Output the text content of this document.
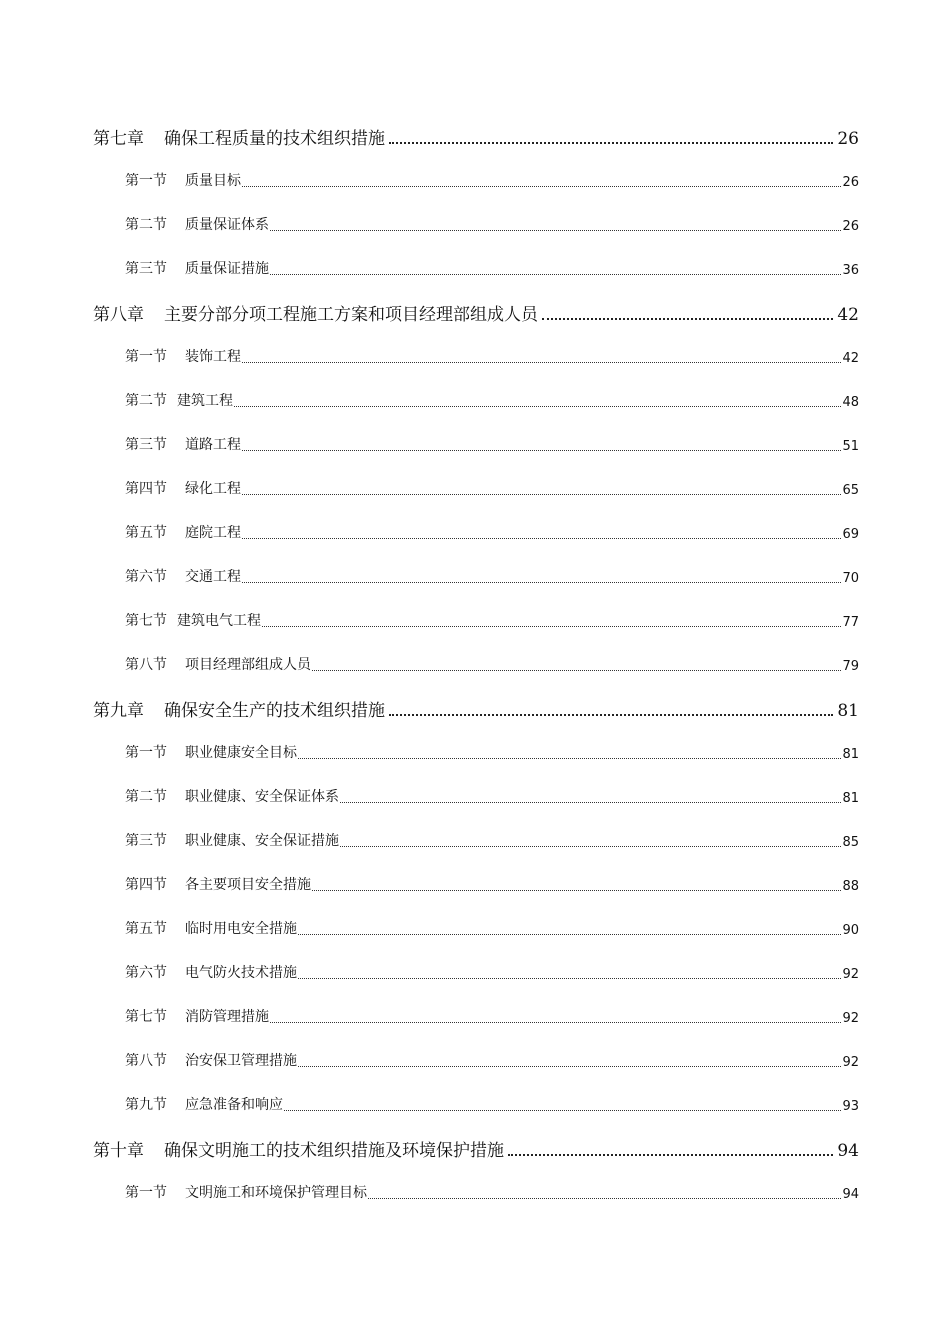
第七章 确保工程质量的技术组织措施	26
第一节 质量目标	26
第二节 质量保证体系	26
第三节 质量保证措施	36
第八章 主要分部分项工程施工方案和项目经理部组成人员	42
第一节 装饰工程	42
第二节 建筑工程	48
第三节 道路工程	51
第四节 绿化工程	65
第五节 庭院工程	69
第六节 交通工程	70
第七节 建筑电气工程	77
第八节 项目经理部组成人员	79
第九章 确保安全生产的技术组织措施	81
第一节 职业健康安全目标	81
第二节 职业健康、安全保证体系	81
第三节 职业健康、安全保证措施	85
第四节 各主要项目安全措施	88
第五节 临时用电安全措施	90
第六节 电气防火技术措施	92
第七节 消防管理措施	92
第八节 治安保卫管理措施	92
第九节 应急准备和响应	93
第十章 确保文明施工的技术组织措施及环境保护措施	94
第一节 文明施工和环境保护管理目标	94
